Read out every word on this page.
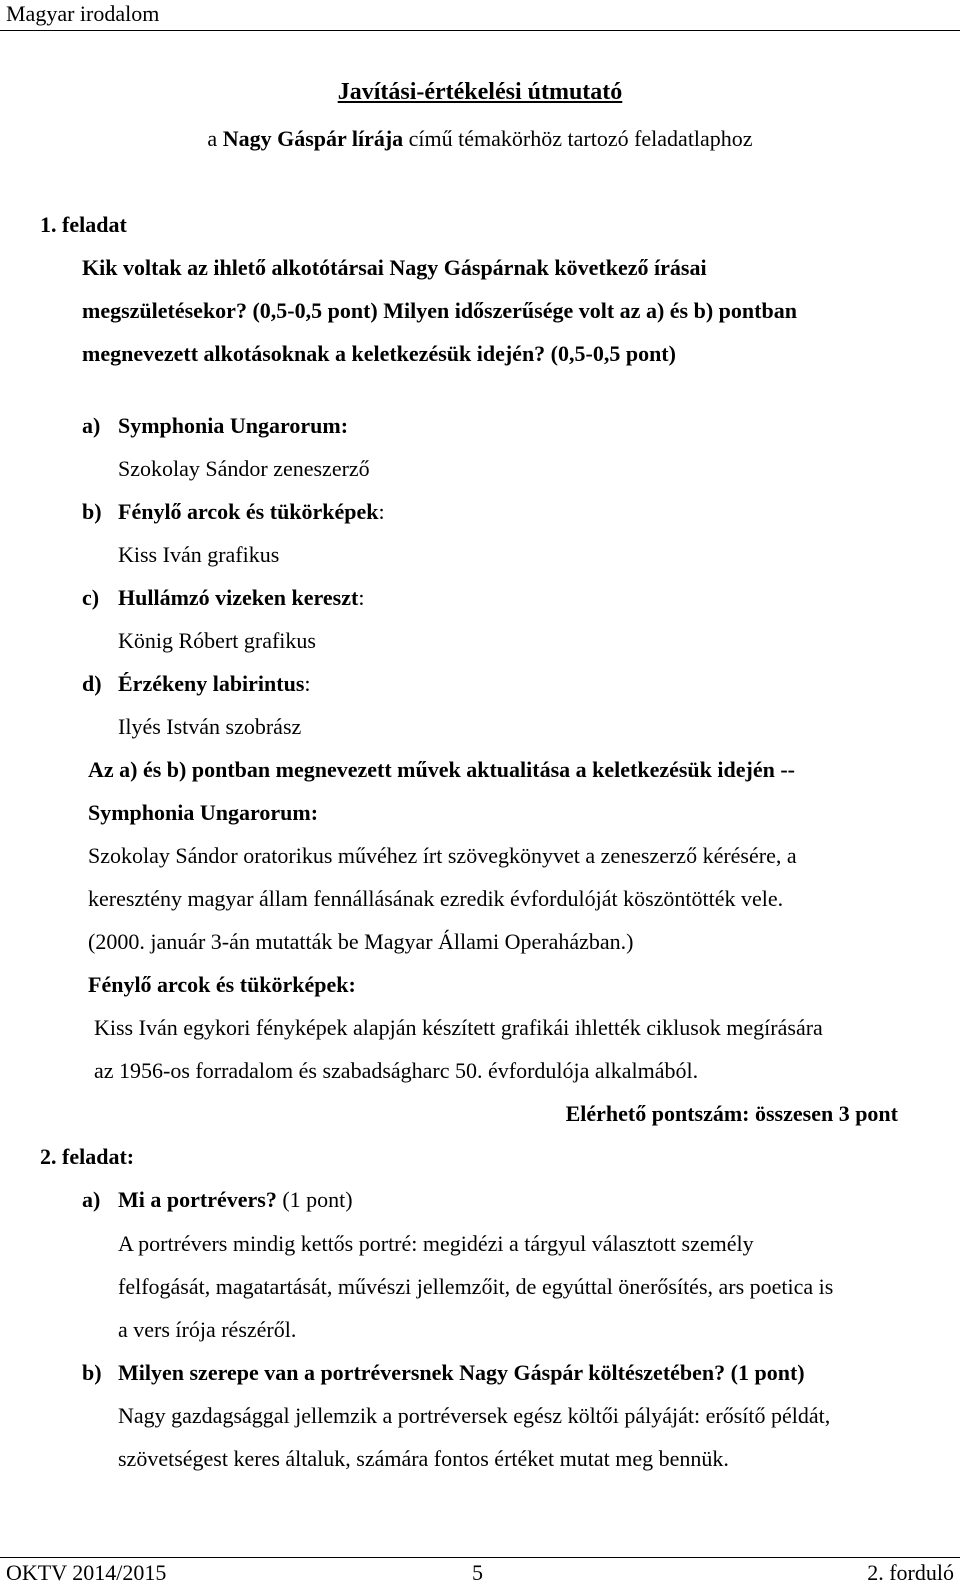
Magyar irodalom
Javítási-értékelési útmutató
a Nagy Gáspár lírája című témakörhöz tartozó feladatlaphoz
1. feladat
Kik voltak az ihlető alkotótársai Nagy Gáspárnak következő írásai
megszületésekor? (0,5-0,5 pont) Milyen időszerűsége volt az a) és b) pontban
megnevezett alkotásoknak a keletkezésük idején? (0,5-0,5 pont)
a) Symphonia Ungarorum:
Szokolay Sándor zeneszerző
b) Fénylő arcok és tükörképek:
Kiss Iván grafikus
c) Hullámzó vizeken kereszt:
König Róbert grafikus
d) Érzékeny labirintus:
Ilyés István szobrász
Az a) és b) pontban megnevezett művek aktualitása a keletkezésük idején --
Symphonia Ungarorum:
Szokolay Sándor oratorikus művéhez írt szövegkönyvet a zeneszerző kérésére, a
keresztény magyar állam fennállásának ezredik évfordulóját köszöntötték vele.
(2000. január 3-án mutatták be Magyar Állami Operaházban.)
Fénylő arcok és tükörképek:
Kiss Iván egykori fényképek alapján készített grafikái ihlették ciklusok megírására
az 1956-os forradalom és szabadságharc 50. évfordulója alkalmából.
Elérhető pontszám: összesen 3 pont
2. feladat:
a) Mi a portrévers? (1 pont)
A portrévers mindig kettős portré: megidézi a tárgyul választott személy
felfogását, magatartását, művészi jellemzőit, de egyúttal önerősítés, ars poetica is
a vers írója részéről.
b) Milyen szerepe van a portréversnek Nagy Gáspár költészetében? (1 pont)
Nagy gazdagsággal jellemzik a portréversek egész költői pályáját: erősítő példát,
szövetségest keres általuk, számára fontos értéket mutat meg bennük.
OKTV 2014/2015	5	2. forduló
